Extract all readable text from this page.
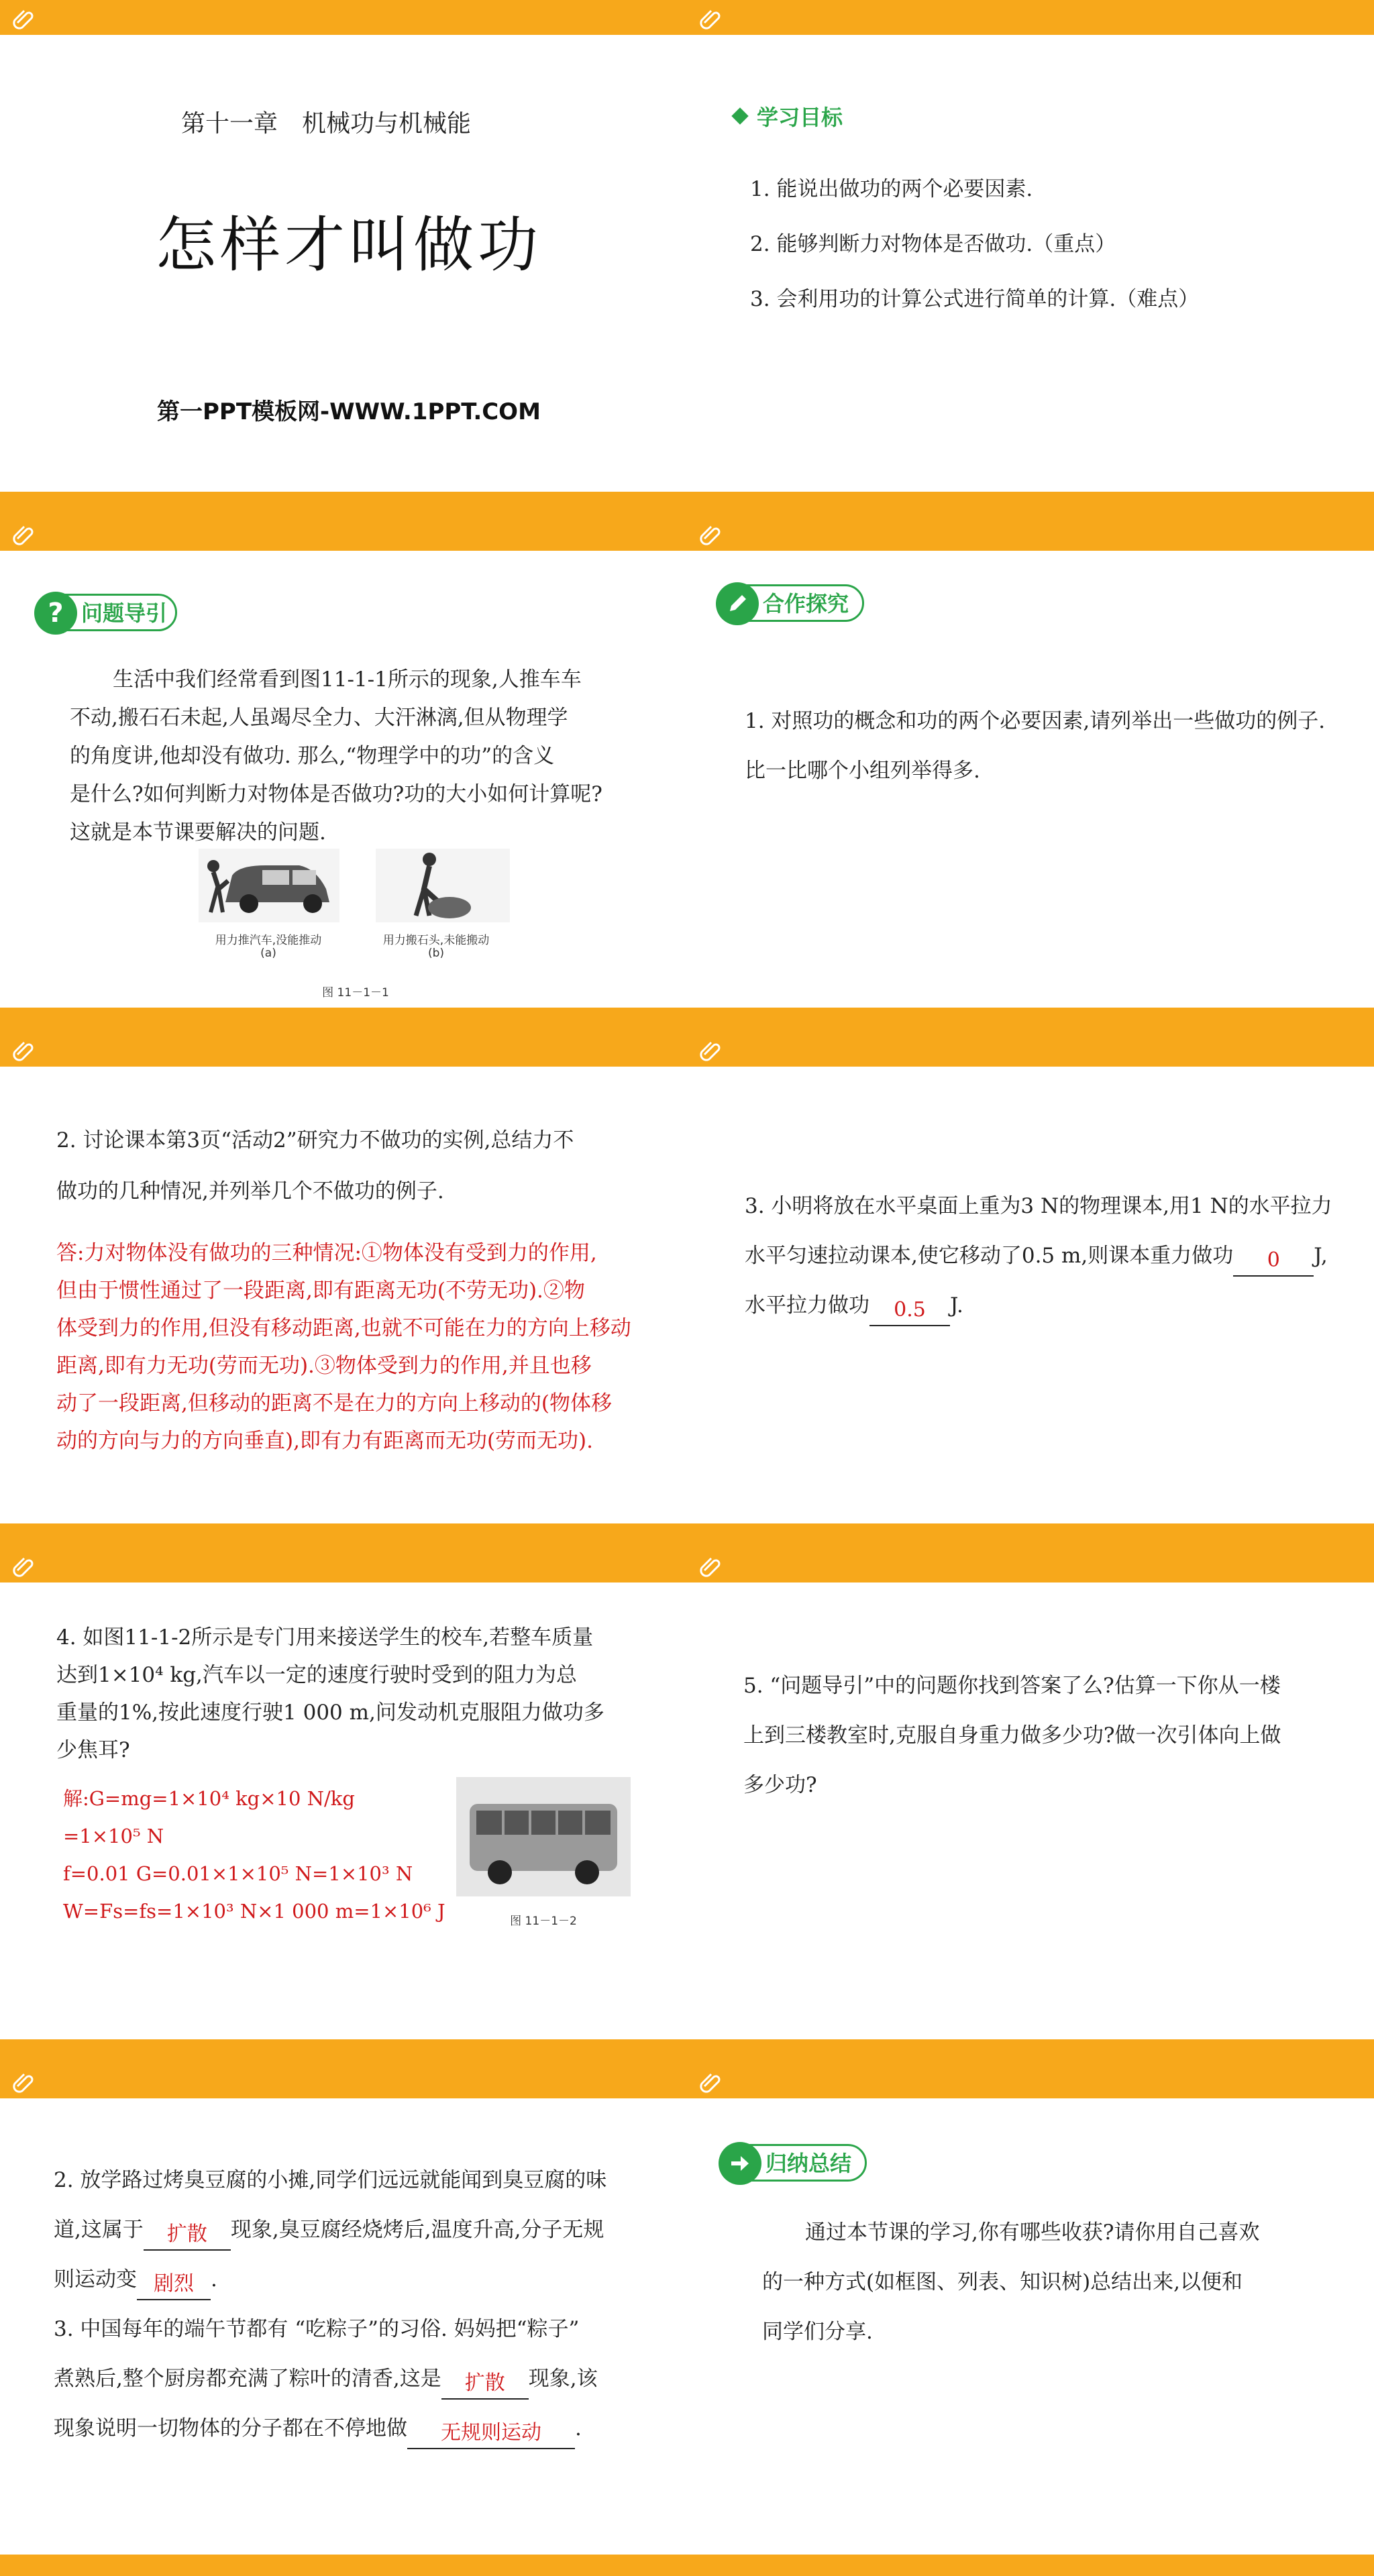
第十一章　机械功与机械能
怎样才叫做功
第一PPT模板网-WWW.1PPT.COM
学习目标
1. 能说出做功的两个必要因素.
2. 能够判断力对物体是否做功.（重点）
3. 会利用功的计算公式进行简单的计算.（难点）
? 问题导引
生活中我们经常看到图11-1-1所示的现象,人推车车
不动,搬石石未起,人虽竭尽全力、大汗淋漓,但从物理学
的角度讲,他却没有做功. 那么,“物理学中的功”的含义
是什么?如何判断力对物体是否做功?功的大小如何计算呢?
这就是本节课要解决的问题.
用力推汽车,没能推动
(a)
用力搬石头,未能搬动
(b)
图 11－1－1
合作探究
1. 对照功的概念和功的两个必要因素,请列举出一些做功的例子.
比一比哪个小组列举得多.
2. 讨论课本第3页“活动2”研究力不做功的实例,总结力不
做功的几种情况,并列举几个不做功的例子.
答:力对物体没有做功的三种情况:①物体没有受到力的作用,
但由于惯性通过了一段距离,即有距离无功(不劳无功).②物
体受到力的作用,但没有移动距离,也就不可能在力的方向上移动
距离,即有力无功(劳而无功).③物体受到力的作用,并且也移
动了一段距离,但移动的距离不是在力的方向上移动的(物体移
动的方向与力的方向垂直),即有力有距离而无功(劳而无功).
3. 小明将放在水平桌面上重为3 N的物理课本,用1 N的水平拉力
水平匀速拉动课本,使它移动了0.5 m,则课本重力做功	0	J,
水平拉力做功	0.5	J.
4. 如图11-1-2所示是专门用来接送学生的校车,若整车质量
达到1×10⁴ kg,汽车以一定的速度行驶时受到的阻力为总
重量的1%,按此速度行驶1 000 m,问发动机克服阻力做功多
少焦耳?
解:G=mg=1×10⁴ kg×10 N/kg
=1×10⁵ N
f=0.01 G=0.01×1×10⁵ N=1×10³ N
W=Fs=fs=1×10³ N×1 000 m=1×10⁶ J	图 11－1－2
5. “问题导引”中的问题你找到答案了么?估算一下你从一楼
上到三楼教室时,克服自身重力做多少功?做一次引体向上做
多少功?
2. 放学路过烤臭豆腐的小摊,同学们远远就能闻到臭豆腐的味
道,这属于	扩散	现象,臭豆腐经烧烤后,温度升高,分子无规
则运动变 剧烈 .
3. 中国每年的端午节都有 “吃粽子”的习俗. 妈妈把“粽子”
煮熟后,整个厨房都充满了粽叶的清香,这是	扩散	现象,该
现象说明一切物体的分子都在不停地做	无规则运动	.
归纳总结
通过本节课的学习,你有哪些收获?请你用自己喜欢
的一种方式(如框图、列表、知识树)总结出来,以便和
同学们分享.
